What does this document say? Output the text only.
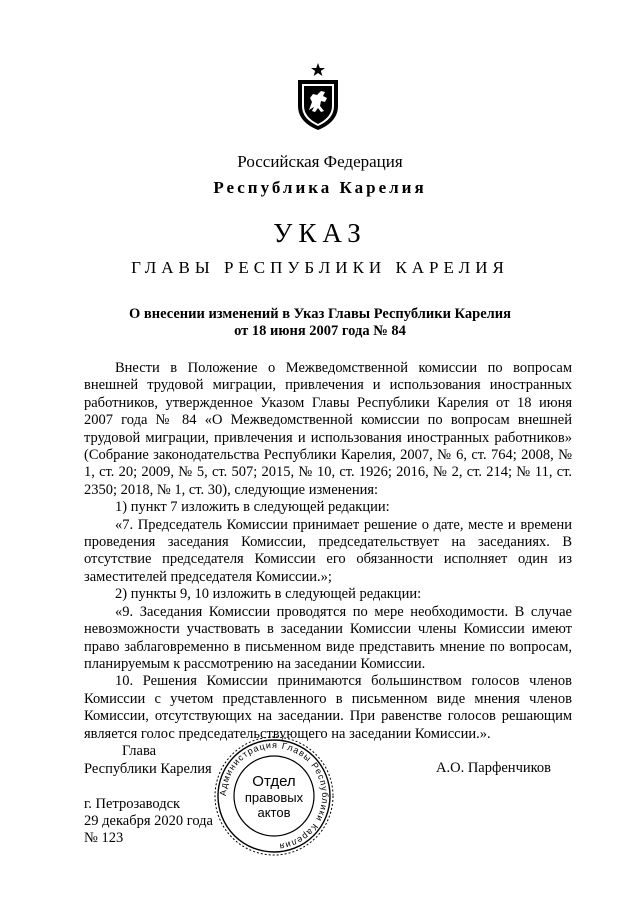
Российская Федерация
Республика Карелия
УКАЗ
ГЛАВЫ РЕСПУБЛИКИ КАРЕЛИЯ
О внесении изменений в Указ Главы Республики Карелия
от 18 июня 2007 года № 84

Внести в Положение о Межведомственной комиссии по вопросам внешней трудовой миграции, привлечения и использования иностранных работников, утвержденное Указом Главы Республики Карелия от 18 июня 2007 года № 84 «О Межведомственной комиссии по вопросам внешней трудовой миграции, привлечения и использования иностранных работников» (Собрание законодательства Республики Карелия, 2007, № 6, ст. 764; 2008, № 1, ст. 20; 2009, № 5, ст. 507; 2015, № 10, ст. 1926; 2016, № 2, ст. 214; № 11, ст. 2350; 2018, № 1, ст. 30), следующие изменения:

1) пункт 7 изложить в следующей редакции:

«7. Председатель Комиссии принимает решение о дате, месте и времени проведения заседания Комиссии, председательствует на заседаниях. В отсутствие председателя Комиссии его обязанности исполняет один из заместителей председателя Комиссии.»;

2) пункты 9, 10 изложить в следующей редакции:

«9. Заседания Комиссии проводятся по мере необходимости. В случае невозможности участвовать в заседании Комиссии члены Комиссии имеют право заблаговременно в письменном виде представить мнение по вопросам, планируемым к рассмотрению на заседании Комиссии.

10. Решения Комиссии принимаются большинством голосов членов Комиссии с учетом представленного в письменном виде мнения членов Комиссии, отсутствующих на заседании. При равенстве голосов решающим является голос председательствующего на заседании Комиссии.».

Глава
Республики Карелия	А.О. Парфенчиков
г. Петрозаводск
29 декабря 2020 года
№ 123
Администрация Главы Республики Карелия
Отдел
правовых
актов
